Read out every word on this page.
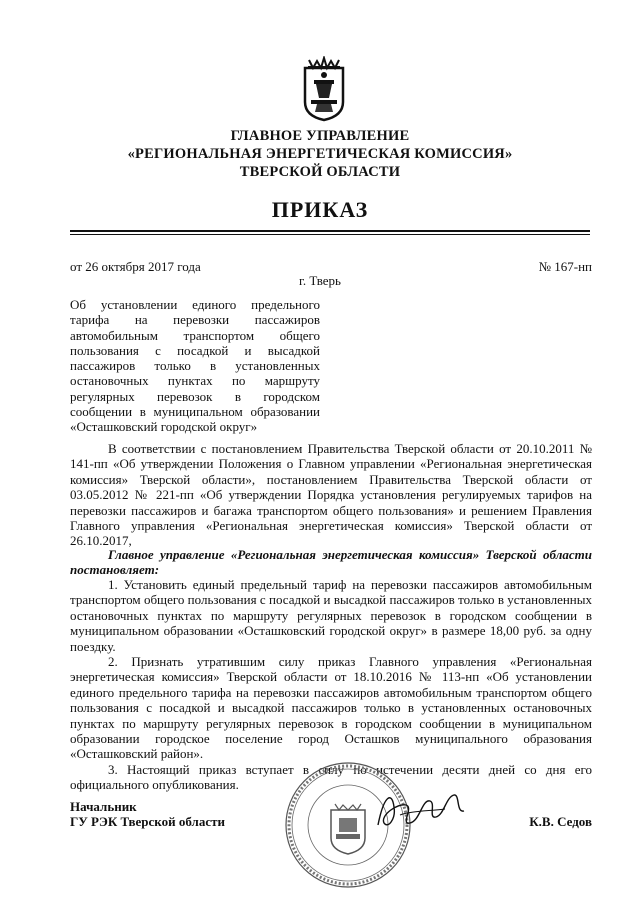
ГЛАВНОЕ УПРАВЛЕНИЕ
«РЕГИОНАЛЬНАЯ ЭНЕРГЕТИЧЕСКАЯ КОМИССИЯ»
ТВЕРСКОЙ ОБЛАСТИ
ПРИКАЗ
от 26 октября 2017 года	№ 167-нп
г. Тверь
Об установлении единого предельного тарифа на перевозки пассажиров автомобильным транспортом общего пользования с посадкой и высадкой пассажиров только в установленных остановочных пунктах по маршруту регулярных перевозок в городском сообщении в муниципальном образовании «Осташковский городской округ»
В соответствии с постановлением Правительства Тверской области от 20.10.2011 № 141-пп «Об утверждении Положения о Главном управлении «Региональная энергетическая комиссия» Тверской области», постановлением Правительства Тверской области от 03.05.2012 № 221-пп «Об утверждении Порядка установления регулируемых тарифов на перевозки пассажиров и багажа транспортом общего пользования» и решением Правления Главного управления «Региональная энергетическая комиссия» Тверской области от 26.10.2017,
Главное управление «Региональная энергетическая комиссия» Тверской области постановляет:

1. Установить единый предельный тариф на перевозки пассажиров автомобильным транспортом общего пользования с посадкой и высадкой пассажиров только в установленных остановочных пунктах по маршруту регулярных перевозок в городском сообщении в муниципальном образовании «Осташковский городской округ» в размере 18,00 руб. за одну поездку.

2. Признать утратившим силу приказ Главного управления «Региональная энергетическая комиссия» Тверской области от 18.10.2016 № 113-нп «Об установлении единого предельного тарифа на перевозки пассажиров автомобильным транспортом общего пользования с посадкой и высадкой пассажиров только в установленных остановочных пунктах по маршруту регулярных перевозок в городском сообщении в муниципальном образовании городское поселение город Осташков муниципального образования «Осташковский район».

3. Настоящий приказ вступает в силу по истечении десяти дней со дня его официального опубликования.

Начальник
ГУ РЭК Тверской области	К.В. Седов
